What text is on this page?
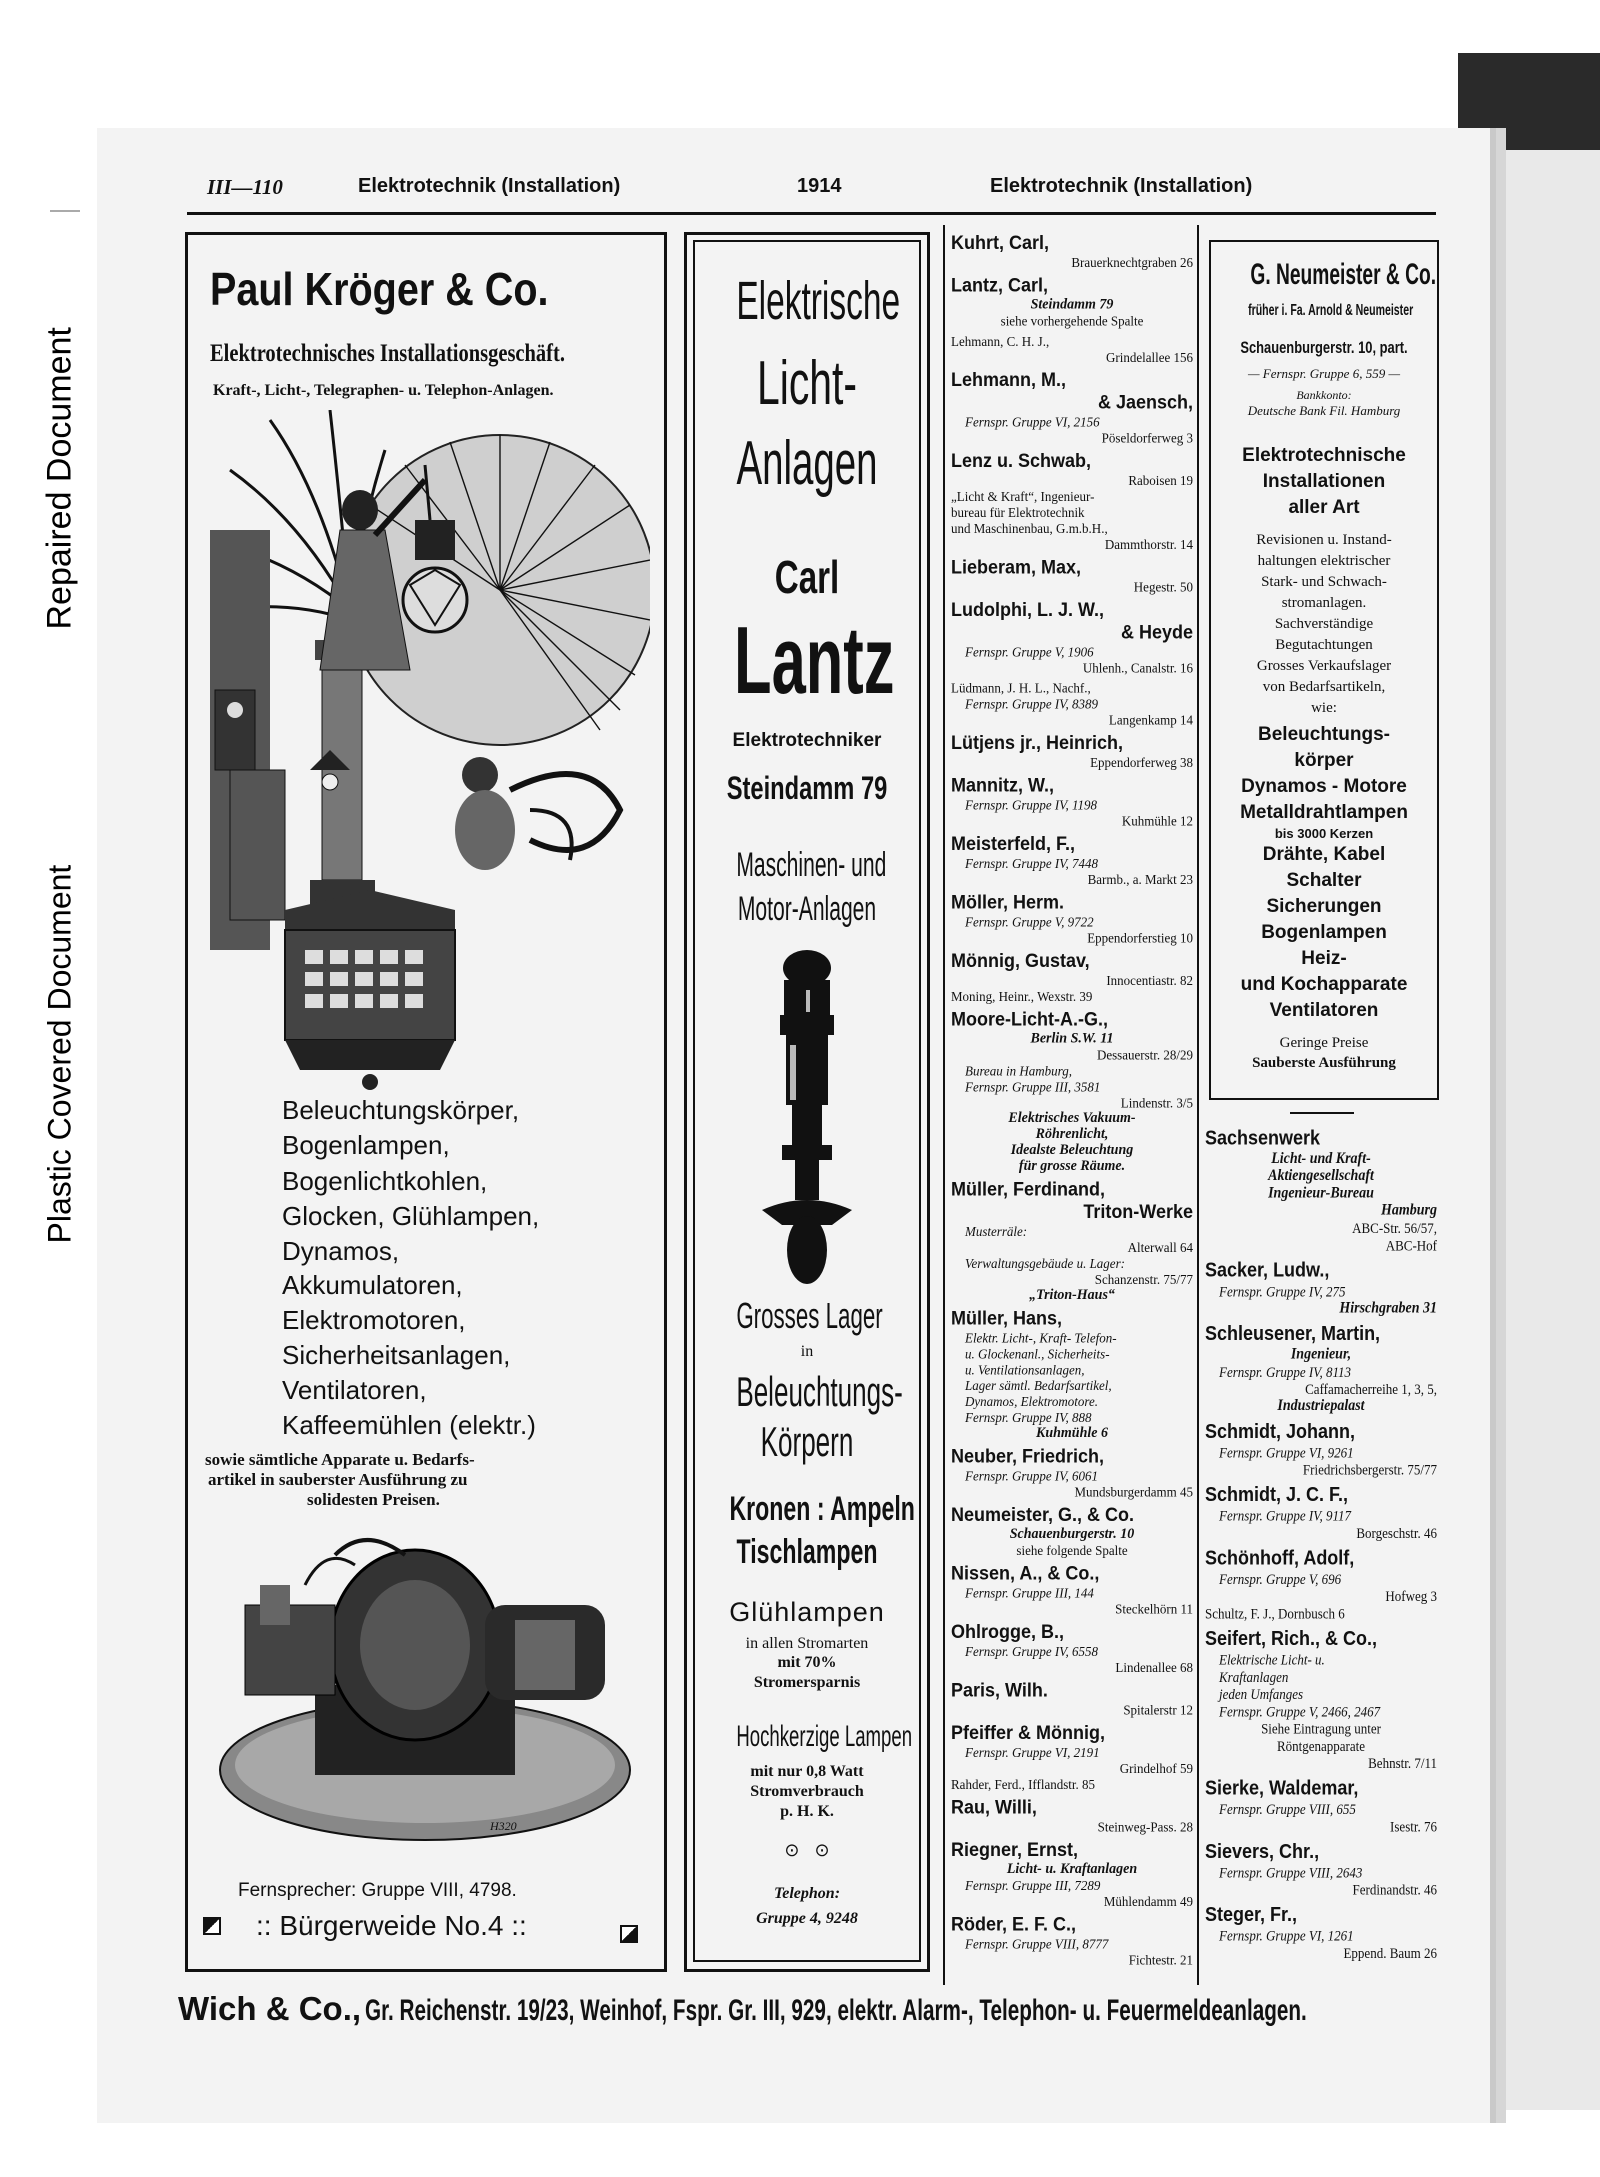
Repaired Document
Plastic Covered Document
III—110	Elektrotechnik (Installation)	1914	Elektrotechnik (Installation)
Paul Kröger & Co.
Elektrotechnisches Installationsgeschäft.
Kraft-, Licht-, Telegraphen- u. Telephon-Anlagen.
Beleuchtungskörper,
Bogenlampen,
Bogenlichtkohlen,
Glocken, Glühlampen,
Dynamos,
Akkumulatoren,
Elektromotoren,
Sicherheitsanlagen,
Ventilatoren,
Kaffeemühlen (elektr.)
sowie sämtliche Apparate u. Bedarfs-
artikel in sauberster Ausführung zu
solidesten Preisen.
H320
Fernsprecher: Gruppe VIII, 4798.
:: Bürgerweide No.4 ::
Elektrische
Licht-
Anlagen
Carl
Lantz
Elektrotechniker
Steindamm 79
Maschinen- und
Motor-Anlagen
Grosses Lager
in
Beleuchtungs-
Körpern
Kronen : Ampeln
Tischlampen
Glühlampen
in allen Stromarten
mit 70%
Stromersparnis
Hochkerzige Lampen
mit nur 0,8 Watt
Stromverbrauch
p. H. K.
⊙ ⊙
Telephon:
Gruppe 4, 9248
Kuhrt, Carl,
Brauerknechtgraben 26
Lantz, Carl,
Steindamm 79
siehe vorhergehende Spalte
Lehmann, C. H. J.,
Grindelallee 156
Lehmann, M.,
& Jaensch,
Fernspr. Gruppe VI, 2156
Pöseldorferweg 3
Lenz u. Schwab,
Raboisen 19
„Licht & Kraft“, Ingenieur-
bureau für Elektrotechnik
und Maschinenbau, G.m.b.H.,
Dammthorstr. 14
Lieberam, Max,
Hegestr. 50
Ludolphi, L. J. W.,
& Heyde
Fernspr. Gruppe V, 1906
Uhlenh., Canalstr. 16
Lüdmann, J. H. L., Nachf.,
Fernspr. Gruppe IV, 8389
Langenkamp 14
Lütjens jr., Heinrich,
Eppendorferweg 38
Mannitz, W.,
Fernspr. Gruppe IV, 1198
Kuhmühle 12
Meisterfeld, F.,
Fernspr. Gruppe IV, 7448
Barmb., a. Markt 23
Möller, Herm.
Fernspr. Gruppe V, 9722
Eppendorferstieg 10
Mönnig, Gustav,
Innocentiastr. 82
Moning, Heinr., Wexstr. 39
Moore-Licht-A.-G.,
Berlin S.W. 11
Dessauerstr. 28/29
Bureau in Hamburg,
Fernspr. Gruppe III, 3581
Lindenstr. 3/5
Elektrisches Vakuum-
Röhrenlicht,
Idealste Beleuchtung
für grosse Räume.
Müller, Ferdinand,
Triton-Werke
Musterräle:
Alterwall 64
Verwaltungsgebäude u. Lager:
Schanzenstr. 75/77
„Triton-Haus“
Müller, Hans,
Elektr. Licht-, Kraft- Telefon-
u. Glockenanl., Sicherheits-
u. Ventilationsanlagen,
Lager sämtl. Bedarfsartikel,
Dynamos, Elektromotore.
Fernspr. Gruppe IV, 888
Kuhmühle 6
Neuber, Friedrich,
Fernspr. Gruppe IV, 6061
Mundsburgerdamm 45
Neumeister, G., & Co.
Schauenburgerstr. 10
siehe folgende Spalte
Nissen, A., & Co.,
Fernspr. Gruppe III, 144
Steckelhörn 11
Ohlrogge, B.,
Fernspr. Gruppe IV, 6558
Lindenallee 68
Paris, Wilh.
Spitalerstr 12
Pfeiffer & Mönnig,
Fernspr. Gruppe VI, 2191
Grindelhof 59
Rahder, Ferd., Ifflandstr. 85
Rau, Willi,
Steinweg-Pass. 28
Riegner, Ernst,
Licht- u. Kraftanlagen
Fernspr. Gruppe III, 7289
Mühlendamm 49
Röder, E. F. C.,
Fernspr. Gruppe VIII, 8777
Fichtestr. 21
G. Neumeister & Co.
früher i. Fa. Arnold & Neumeister
Schauenburgerstr. 10, part.
— Fernspr. Gruppe 6, 559 —
Bankkonto:
Deutsche Bank Fil. Hamburg
Elektrotechnische
Installationen
aller Art
Revisionen u. Instand-
haltungen elektrischer
Stark- und Schwach-
stromanlagen.
Sachverständige
Begutachtungen
Grosses Verkaufslager
von Bedarfsartikeln,
wie:
Beleuchtungs-
körper
Dynamos - Motore
Metalldrahtlampen
bis 3000 Kerzen
Drähte, Kabel
Schalter
Sicherungen
Bogenlampen
Heiz-
und Kochapparate
Ventilatoren
Geringe Preise
Sauberste Ausführung
Sachsenwerk
Licht- und Kraft-
Aktiengesellschaft
Ingenieur-Bureau
Hamburg
ABC-Str. 56/57,
ABC-Hof
Sacker, Ludw.,
Fernspr. Gruppe IV, 275
Hirschgraben 31
Schleusener, Martin,
Ingenieur,
Fernspr. Gruppe IV, 8113
Caffamacherreihe 1, 3, 5,
Industriepalast
Schmidt, Johann,
Fernspr. Gruppe VI, 9261
Friedrichsbergerstr. 75/77
Schmidt, J. C. F.,
Fernspr. Gruppe IV, 9117
Borgeschstr. 46
Schönhoff, Adolf,
Fernspr. Gruppe V, 696
Hofweg 3
Schultz, F. J., Dornbusch 6
Seifert, Rich., & Co.,
Elektrische Licht- u.
Kraftanlagen
jeden Umfanges
Fernspr. Gruppe V, 2466, 2467
Siehe Eintragung unter
Röntgenapparate
Behnstr. 7/11
Sierke, Waldemar,
Fernspr. Gruppe VIII, 655
Isestr. 76
Sievers, Chr.,
Fernspr. Gruppe VIII, 2643
Ferdinandstr. 46
Steger, Fr.,
Fernspr. Gruppe VI, 1261
Eppend. Baum 26
Wich & Co., Gr. Reichenstr. 19/23, Weinhof, Fspr. Gr. III, 929, elektr. Alarm-, Telephon- u. Feuermeldeanlagen.
